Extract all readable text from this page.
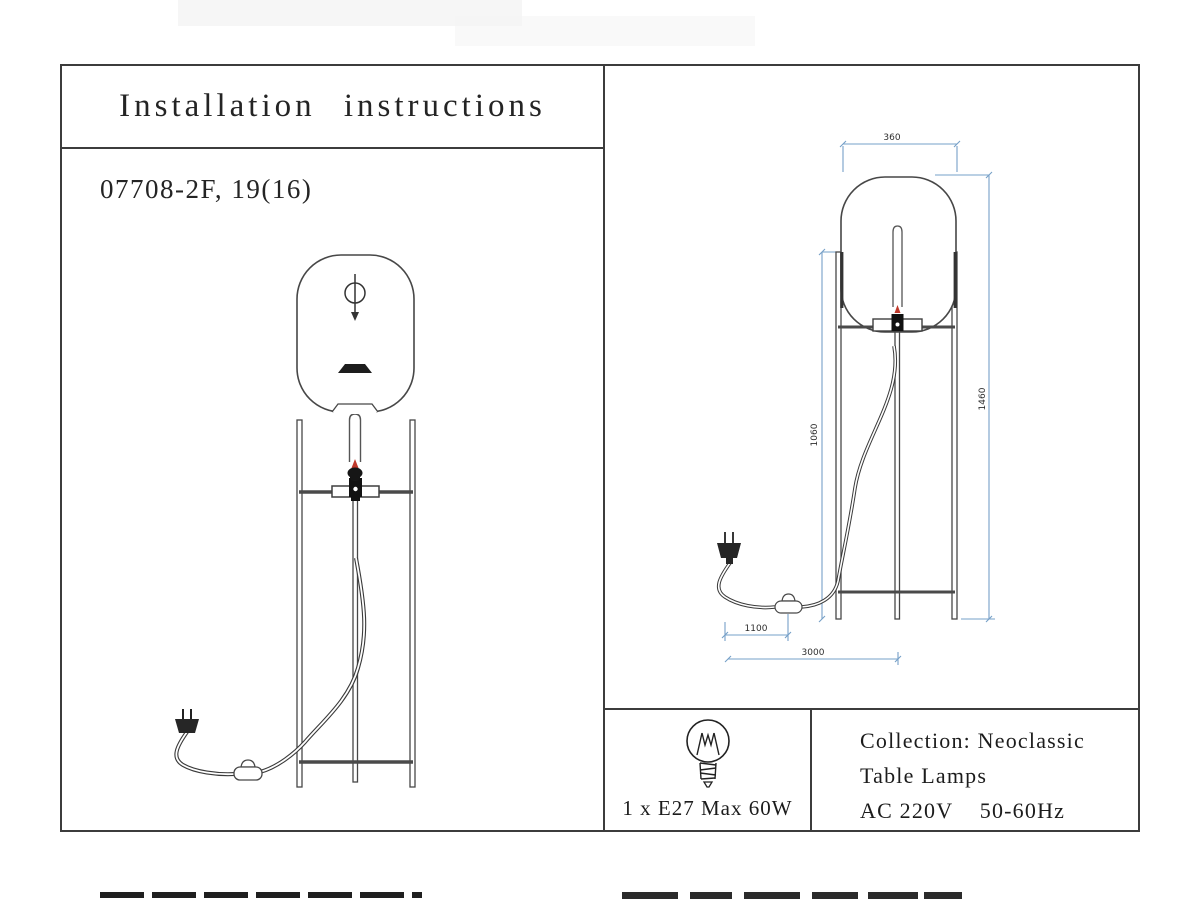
Installation instructions
07708-2F, 19(16)
360
1460
1060
1100
3000
1 x E27 Max 60W
Collection: Neoclassic
Table Lamps
AC 220V    50-60Hz
